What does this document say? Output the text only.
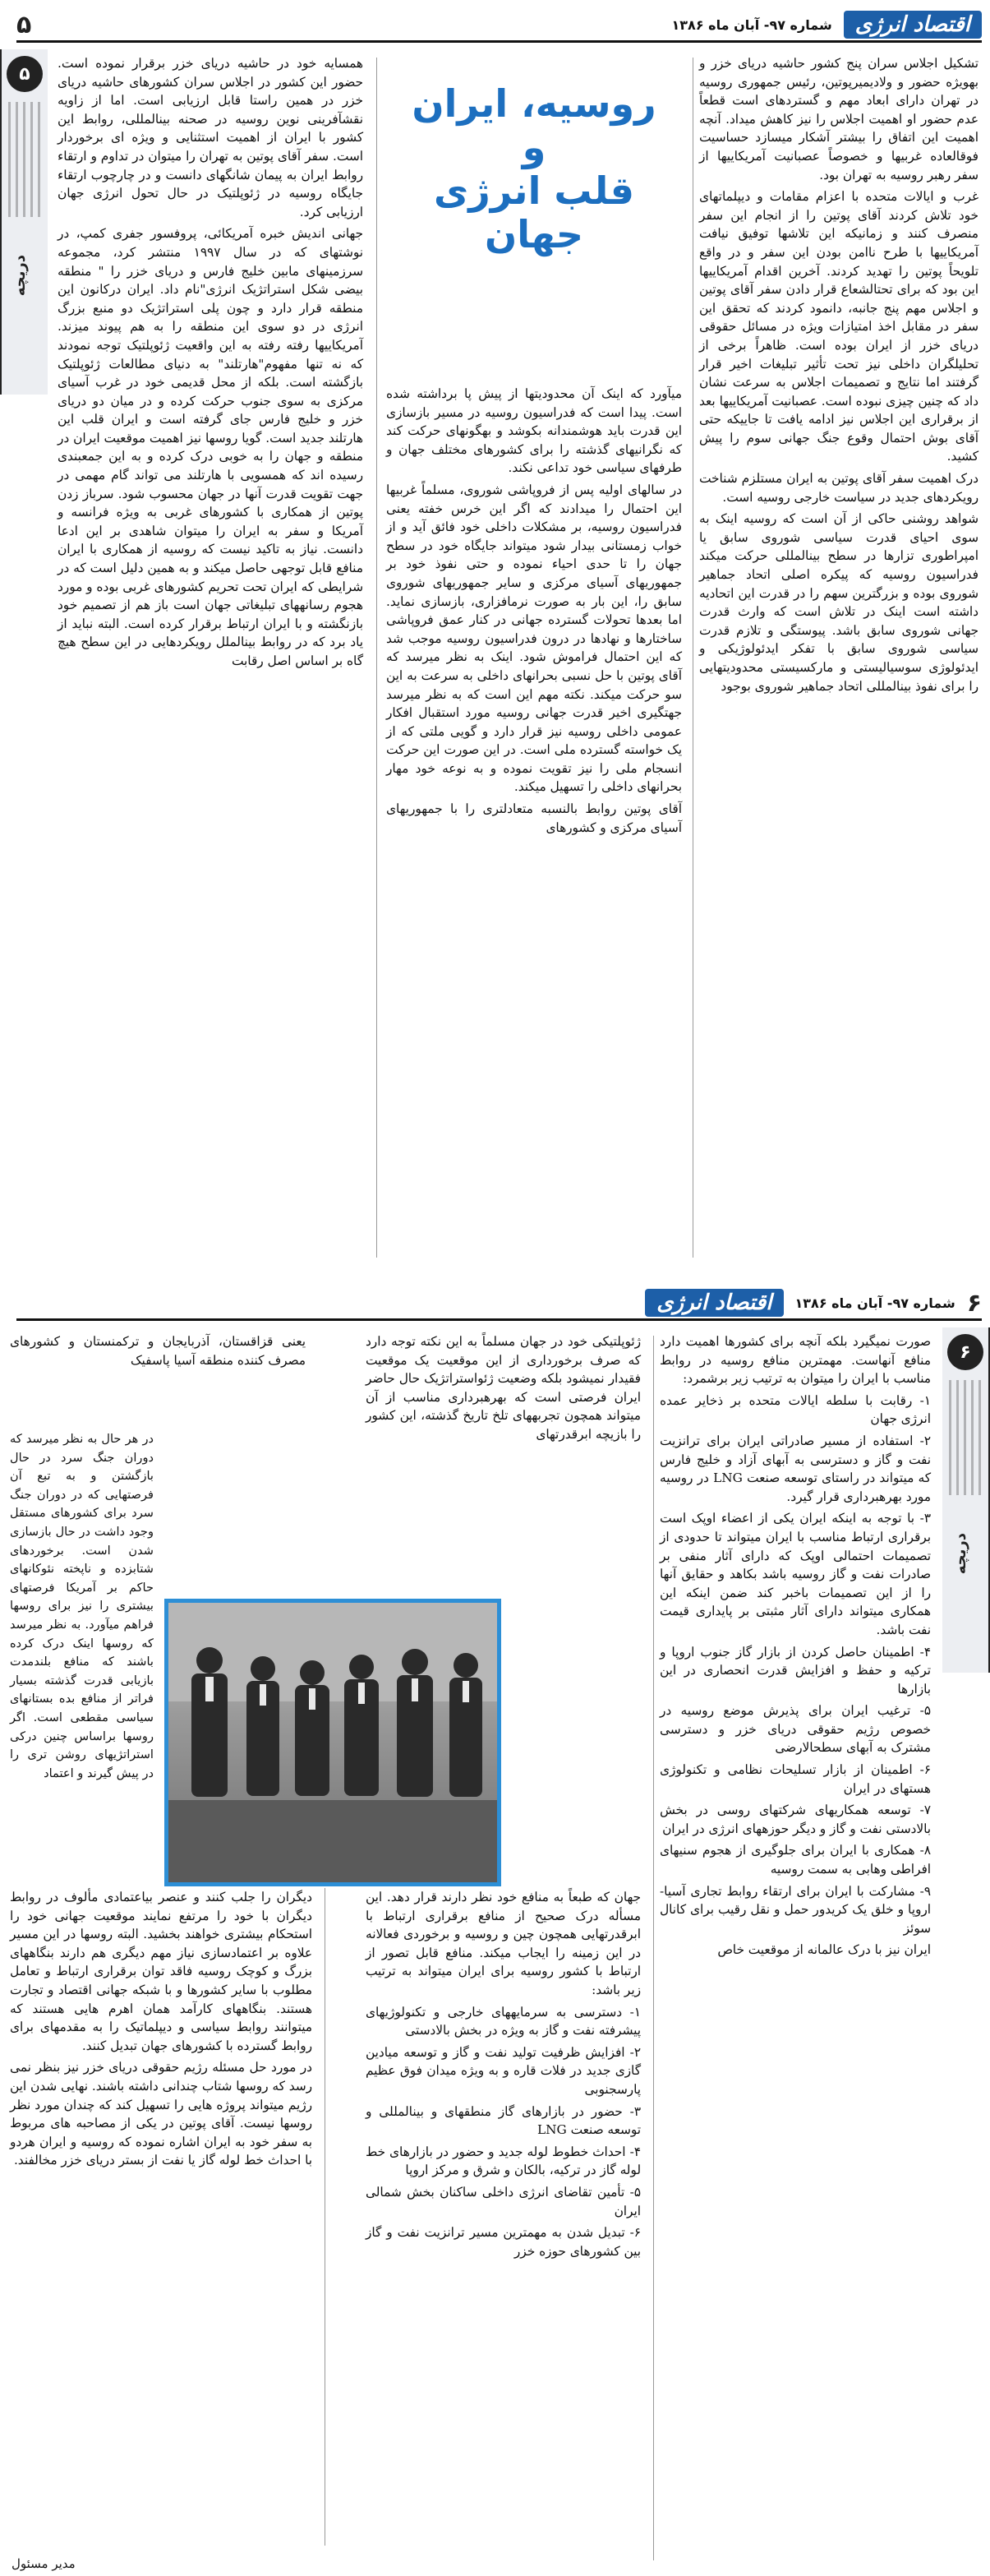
اقتصاد انرژی
شماره ۹۷- آبان ماه ۱۳۸۶
۵
۵
دریچه

تشکیل اجلاس سران پنج کشور حاشیه دریای خزر و بهویژه حضور و ولادیمیرپوتین، رئیس جمهوری روسیه در تهران دارای ابعاد مهم و گستردهای است قطعاً عدم حضور او اهمیت اجلاس را نیز کاهش میداد. آنچه اهمیت این اتفاق را بیشتر آشکار میسازد حساسیت فوقالعاده غربیها و خصوصاً عصبانیت آمریکاییها از سفر رهبر روسیه به تهران بود.

غرب و ایالات متحده با اعزام مقامات و دیپلماتهای خود تلاش کردند آقای پوتین را از انجام این سفر منصرف کنند و زمانیکه این تلاشها توفیق نیافت آمریکاییها با طرح ناامن بودن این سفر و در واقع تلویحاً پوتین را تهدید کردند. آخرین اقدام آمریکاییها این بود که برای تحتالشعاع قرار دادن سفر آقای پوتین و اجلاس مهم پنج جانبه، دانمود کردند که تحقق این سفر در مقابل اخذ امتیازات ویژه در مسائل حقوقی دریای خزر از ایران بوده است. ظاهراً برخی از تحلیلگران داخلی نیز تحت تأثیر تبلیغات اخیر قرار گرفتند اما نتایج و تصمیمات اجلاس به سرعت نشان داد که چنین چیزی نبوده است. عصبانیت آمریکاییها بعد از برقراری این اجلاس نیز ادامه یافت تا جاییکه حتی آقای بوش احتمال وقوع جنگ جهانی سوم را پیش کشید.

درک اهمیت سفر آقای پوتین به ایران مستلزم شناخت رویکردهای جدید در سیاست خارجی روسیه است.

شواهد روشنی حاکی از آن است که روسیه اینک به سوی احیای قدرت سیاسی شوروی سابق یا امپراطوری تزارها در سطح بینالمللی حرکت میکند فدراسیون روسیه که پیکره اصلی اتحاد جماهیر شوروی بوده و بزرگترین سهم را در قدرت این اتحادیه داشته است اینک در تلاش است که وارث قدرت جهانی شوروی سابق باشد. پیوستگی و تلازم قدرت سیاسی شوروی سابق با تفکر ایدئولوژیکی و ایدئولوژی سوسیالیستی و مارکسیستی محدودیتهایی را برای نفوذ بینالمللی اتحاد جماهیر شوروی بوجود

روسیه، ایران
و
قلب انرژی
جهان

میآورد که اینک آن محدودیتها از پیش پا برداشته شده است. پیدا است که فدراسیون روسیه در مسیر بازسازی این قدرت باید هوشمندانه بکوشد و بهگونهای حرکت کند که نگرانیهای گذشته را برای کشورهای مختلف جهان و طرفهای سیاسی خود تداعی نکند.

در سالهای اولیه پس از فروپاشی شوروی، مسلماً غربیها این احتمال را میدادند که اگر این خرس خفته یعنی فدراسیون روسیه، بر مشکلات داخلی خود فائق آید و از خواب زمستانی بیدار شود میتواند جایگاه خود در سطح جهان را تا حدی احیاء نموده و حتی نفوذ خود بر جمهوریهای آسیای مرکزی و سایر جمهوریهای شوروی سابق را، این بار به صورت نرمافزاری، بازسازی نماید. اما بعدها تحولات گسترده جهانی در کنار عمق فروپاشی ساختارها و نهادها در درون فدراسیون روسیه موجب شد که این احتمال فراموش شود. اینک به نظر میرسد که آقای پوتین با حل نسبی بحرانهای داخلی به سرعت به این سو حرکت میکند. نکته مهم این است که به نظر میرسد جهتگیری اخیر قدرت جهانی روسیه مورد استقبال افکار عمومی داخلی روسیه نیز قرار دارد و گویی ملتی که از یک خواسته گسترده ملی است. در این صورت این حرکت انسجام ملی را نیز تقویت نموده و به نوعه خود مهار بحرانهای داخلی را تسهیل میکند.

آقای پوتین روابط بالنسبه متعادلتری را با جمهوریهای آسیای مرکزی و کشورهای

همسایه خود در حاشیه دریای خزر برقرار نموده است. حضور این کشور در اجلاس سران کشورهای حاشیه دریای خزر در همین راستا قابل ارزیابی است. اما از زاویه نقشآفرینی نوین روسیه در صحنه بینالمللی، روابط این کشور با ایران از اهمیت استثنایی و ویژه ای برخوردار است. سفر آقای پوتین به تهران را میتوان در تداوم و ارتقاء روابط ایران به پیمان شانگهای دانست و در چارچوب ارتقاء جایگاه روسیه در ژئوپلتیک در حال تحول انرژی جهان ارزیابی کرد.

جهانی اندیش خبره آمریکائی، پروفسور جفری کمپ، در نوشتهای که در سال ۱۹۹۷ منتشر کرد، مجموعه سرزمینهای مابین خلیج فارس و دریای خزر را " منطقه بیضی شکل استراتژیک انرژی"نام داد. ایران درکانون این منطقه قرار دارد و چون پلی استراتژیک دو منبع بزرگ انرژی در دو سوی این منطقه را به هم پیوند میزند. آمریکاییها رفته رفته به این واقعیت ژئوپلتیک توجه نمودند که نه تنها مفهوم"هارتلند" به دنیای مطالعات ژئوپلتیک بازگشته است. بلکه از محل قدیمی خود در غرب آسیای مرکزی به سوی جنوب حرکت کرده و در میان دو دریای خزر و خلیج فارس جای گرفته است و ایران قلب این هارتلند جدید است. گویا روسها نیز اهمیت موقعیت ایران در منطقه و جهان را به خوبی درک کرده و به این جمعبندی رسیده اند که همسویی با هارتلند می تواند گام مهمی در جهت تقویت قدرت آنها در جهان محسوب شود. سرباز زدن پوتین از همکاری با کشورهای غربی به ویژه فرانسه و آمریکا و سفر به ایران را میتوان شاهدی بر این ادعا دانست. نیاز به تاکید نیست که روسیه از همکاری با ایران منافع قابل توجهی حاصل میکند و به همین دلیل است که در شرایطی که ایران تحت تحریم کشورهای غربی بوده و مورد هجوم رسانههای تبلیغاتی جهان است باز هم از تصمیم خود بازنگشته و با ایران ارتباط برقرار کرده است. البته نباید از یاد برد که در روابط بینالملل رویکردهایی در این سطح هیچ گاه بر اساس اصل رقابت

۶
شماره ۹۷- آبان ماه ۱۳۸۶
اقتصاد انرژی
۶
دریچه

صورت نمیگیرد بلکه آنچه برای کشورها اهمیت دارد منافع آنهاست. مهمترین منافع روسیه در روابط مناسب با ایران را میتوان به ترتیب زیر برشمرد:

۱- رقابت با سلطه ایالات متحده بر ذخایر عمده انرژی جهان

۲- استفاده از مسیر صادراتی ایران برای ترانزیت نفت و گاز و دسترسی به آبهای آزاد و خلیج فارس که میتواند در راستای توسعه صنعت LNG در روسیه مورد بهرهبرداری قرار گیرد.

۳- با توجه به اینکه ایران یکی از اعضاء اوپک است برقراری ارتباط مناسب با ایران میتواند تا حدودی از تصمیمات احتمالی اوپک که دارای آثار منفی بر صادرات نفت و گاز روسیه باشد بکاهد و حقایق آنها را از این تصمیمات باخبر کند ضمن اینکه این همکاری میتواند دارای آثار مثبتی بر پایداری قیمت نفت باشد.

۴- اطمینان حاصل کردن از بازار گاز جنوب اروپا و ترکیه و حفظ و افزایش قدرت انحصاری در این بازارها

۵- ترغیب ایران برای پذیرش موضع روسیه در خصوص رژیم حقوقی دریای خزر و دسترسی مشترک به آبهای سطحالارضی

۶- اطمینان از بازار تسلیحات نظامی و تکنولوژی هستهای در ایران

۷- توسعه همکاریهای شرکتهای روسی در بخش بالادستی نفت و گاز و دیگر حوزههای انرژی در ایران

۸- همکاری با ایران برای جلوگیری از هجوم سنیهای افراطی وهابی به سمت روسیه

۹- مشارکت با ایران برای ارتقاء روابط تجاری آسیا-اروپا و خلق یک کریدور حمل و نقل رقیب برای کانال سوئز

ایران نیز با درک عالمانه از موقعیت خاص

ژئوپلتیکی خود در جهان مسلماً به این نکته توجه دارد که صرف برخورداری از این موقعیت یک موقعیت فقیدار نمیشود بلکه وضعیت ژئواستراتژیک حال حاضر ایران فرصتی است که بهرهبرداری مناسب از آن میتواند همچون تجربههای تلخ تاریخ گذشته، این کشور را بازیچه ابرقدرتهای

یعنی قزاقستان، آذربایجان و ترکمنستان و کشورهای مصرف کننده منطقه آسیا پاسفیک

در هر حال به نظر میرسد که دوران جنگ سرد در حال بازگشتن و به تبع آن فرصتهایی که در دوران جنگ سرد برای کشورهای مستقل وجود داشت در حال بازسازی شدن است. برخوردهای شتابزده و ناپخته نئوکانهای حاکم بر آمریکا فرصتهای بیشتری را نیز برای روسها فراهم میآورد. به نظر میرسد که روسها اینک درک کرده باشند که منافع بلندمدت بازیابی قدرت گذشته بسیار فراتر از منافع بده بستانهای سیاسی مقطعی است. اگر روسها براساس چنین درکی استراتژیهای روشن تری را در پیش گیرند و اعتماد

جهان که طبعاً به منافع خود نظر دارند قرار دهد. این مسأله درک صحیح از منافع برقراری ارتباط با ابرقدرتهایی همچون چین و روسیه و برخوردی فعالانه در این زمینه را ایجاب میکند. منافع قابل تصور از ارتباط با کشور روسیه برای ایران میتواند به ترتیب زیر باشد:

۱- دسترسی به سرمایههای خارجی و تکنولوژیهای پیشرفته نفت و گاز به ویژه در بخش بالادستی

۲- افزایش ظرفیت تولید نفت و گاز و توسعه میادین گازی جدید در فلات قاره و به ویژه میدان فوق عظیم پارسجنوبی

۳- حضور در بازارهای گاز منطقهای و بینالمللی و توسعه صنعت LNG

۴- احداث خطوط لوله جدید و حضور در بازارهای خط لوله گاز در ترکیه، بالکان و شرق و مرکز اروپا

۵- تأمین تقاضای انرژی داخلی ساکنان بخش شمالی ایران

۶- تبدیل شدن به مهمترین مسیر ترانزیت نفت و گاز بین کشورهای حوزه خزر

دیگران را جلب کنند و عنصر بیاعتمادی مألوف در روابط دیگران با خود را مرتفع نمایند موقعیت جهانی خود را استحکام بیشتری خواهند بخشید. البته روسها در این مسیر علاوه بر اعتمادسازی نیاز مهم دیگری هم دارند بنگاههای بزرگ و کوچک روسیه فاقد توان برقراری ارتباط و تعامل مطلوب با سایر کشورها و با شبکه جهانی اقتصاد و تجارت هستند. بنگاههای کارآمد همان اهرم هایی هستند که میتوانند روابط سیاسی و دیپلماتیک را به مقدمهای برای روابط گسترده با کشورهای جهان تبدیل کنند.

در مورد حل مسئله رژیم حقوقی دریای خزر نیز بنظر نمی رسد که روسها شتاب چندانی داشته باشند. نهایی شدن این رژیم میتواند پروژه هایی را تسهیل کند که چندان مورد نظر روسها نیست. آقای پوتین در یکی از مصاحبه های مربوط به سفر خود به ایران اشاره نموده که روسیه و ایران هردو با احداث خط لوله گاز یا نفت از بستر دریای خزر مخالفند.

مدیر مسئول
